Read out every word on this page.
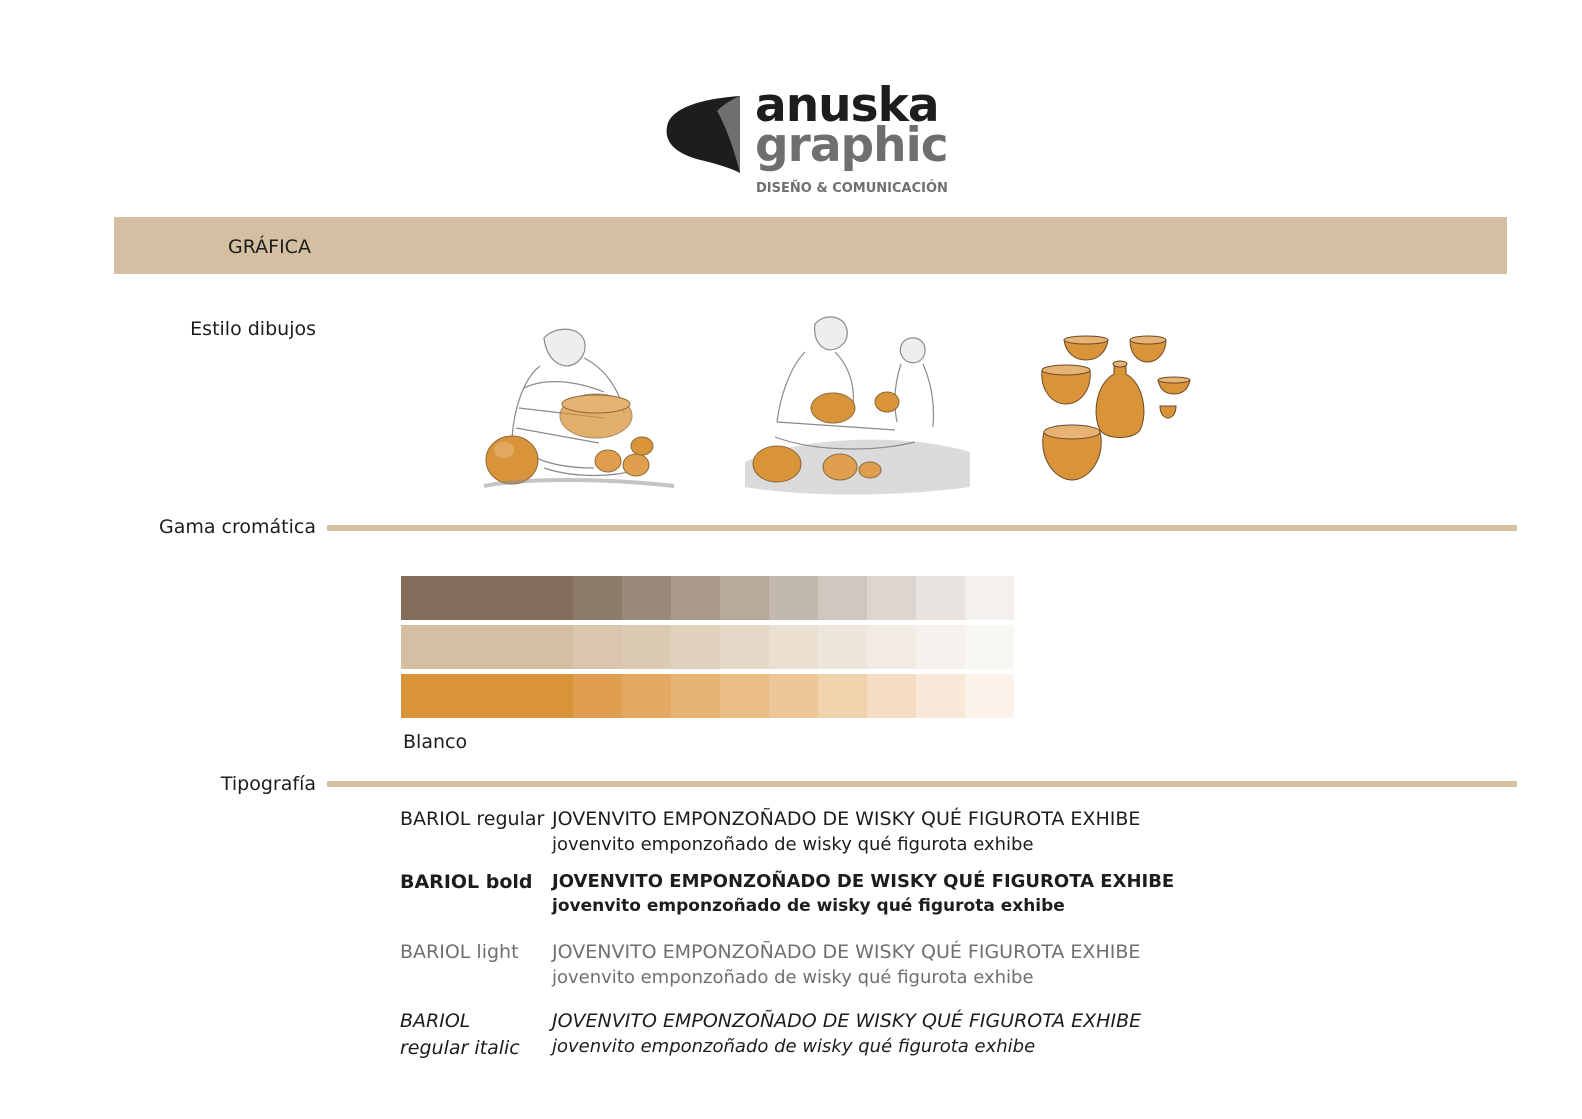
anuska
graphic
DISEÑO & COMUNICACIÓN
GRÁFICA
Estilo dibujos
Gama cromática
Blanco
Tipografía
BARIOL regular JOVENVITO EMPONZOÑADO DE WISKY QUÉ FIGUROTA EXHIBE
jovenvito emponzoñado de wisky qué figurota exhibe
BARIOL bold JOVENVITO EMPONZOÑADO DE WISKY QUÉ FIGUROTA EXHIBE
jovenvito emponzoñado de wisky qué figurota exhibe
BARIOL light JOVENVITO EMPONZOÑADO DE WISKY QUÉ FIGUROTA EXHIBE
jovenvito emponzoñado de wisky qué figurota exhibe
BARIOL
regular italic
JOVENVITO EMPONZOÑADO DE WISKY QUÉ FIGUROTA EXHIBE
jovenvito emponzoñado de wisky qué figurota exhibe
